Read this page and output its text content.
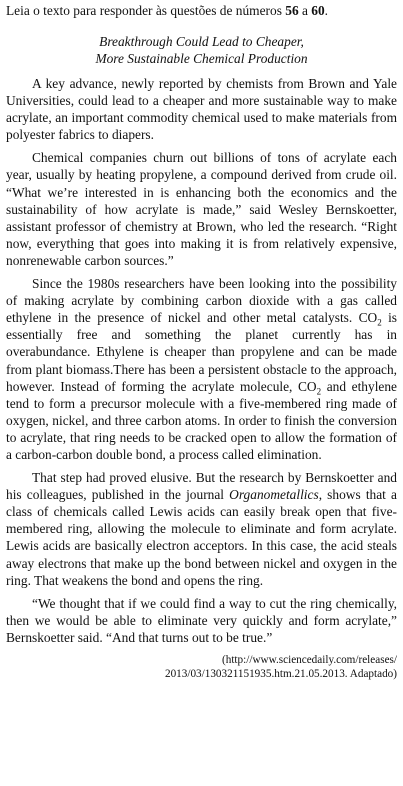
Leia o texto para responder às questões de números 56 a 60.

Breakthrough Could Lead to Cheaper,
More Sustainable Chemical Production

A key advance, newly reported by chemists from Brown and Yale Universities, could lead to a cheaper and more sustainable way to make acrylate, an important commodity chemical used to make materials from polyester fabrics to diapers.

Chemical companies churn out billions of tons of acrylate each year, usually by heating propylene, a compound derived from crude oil. “What we’re interested in is enhancing both the economics and the sustainability of how acrylate is made,” said Wesley Bernskoetter, assistant professor of chemistry at Brown, who led the research. “Right now, everything that goes into making it is from relatively expensive, nonrenewable carbon sources.”

Since the 1980s researchers have been looking into the possibility of making acrylate by combining carbon dioxide with a gas called ethylene in the presence of nickel and other metal catalysts. $CO_2$ is essentially free and something the planet currently has in overabundance. Ethylene is cheaper than propylene and can be made from plant biomass.There has been a persistent obstacle to the approach, however. Instead of forming the acrylate molecule, $CO_2$ and ethylene tend to form a precursor molecule with a five-membered ring made of oxygen, nickel, and three carbon atoms. In order to finish the conversion to acrylate, that ring needs to be cracked open to allow the formation of a carbon-carbon double bond, a process called elimination.

That step had proved elusive. But the research by Bernskoetter and his colleagues, published in the journal Organometallics, shows that a class of chemicals called Lewis acids can easily break open that five-membered ring, allowing the molecule to eliminate and form acrylate. Lewis acids are basically electron acceptors. In this case, the acid steals away electrons that make up the bond between nickel and oxygen in the ring. That weakens the bond and opens the ring.

“We thought that if we could find a way to cut the ring chemically, then we would be able to eliminate very quickly and form acrylate,” Bernskoetter said. “And that turns out to be true.”

(http://www.sciencedaily.com/releases/
2013/03/130321151935.htm.21.05.2013. Adaptado)
